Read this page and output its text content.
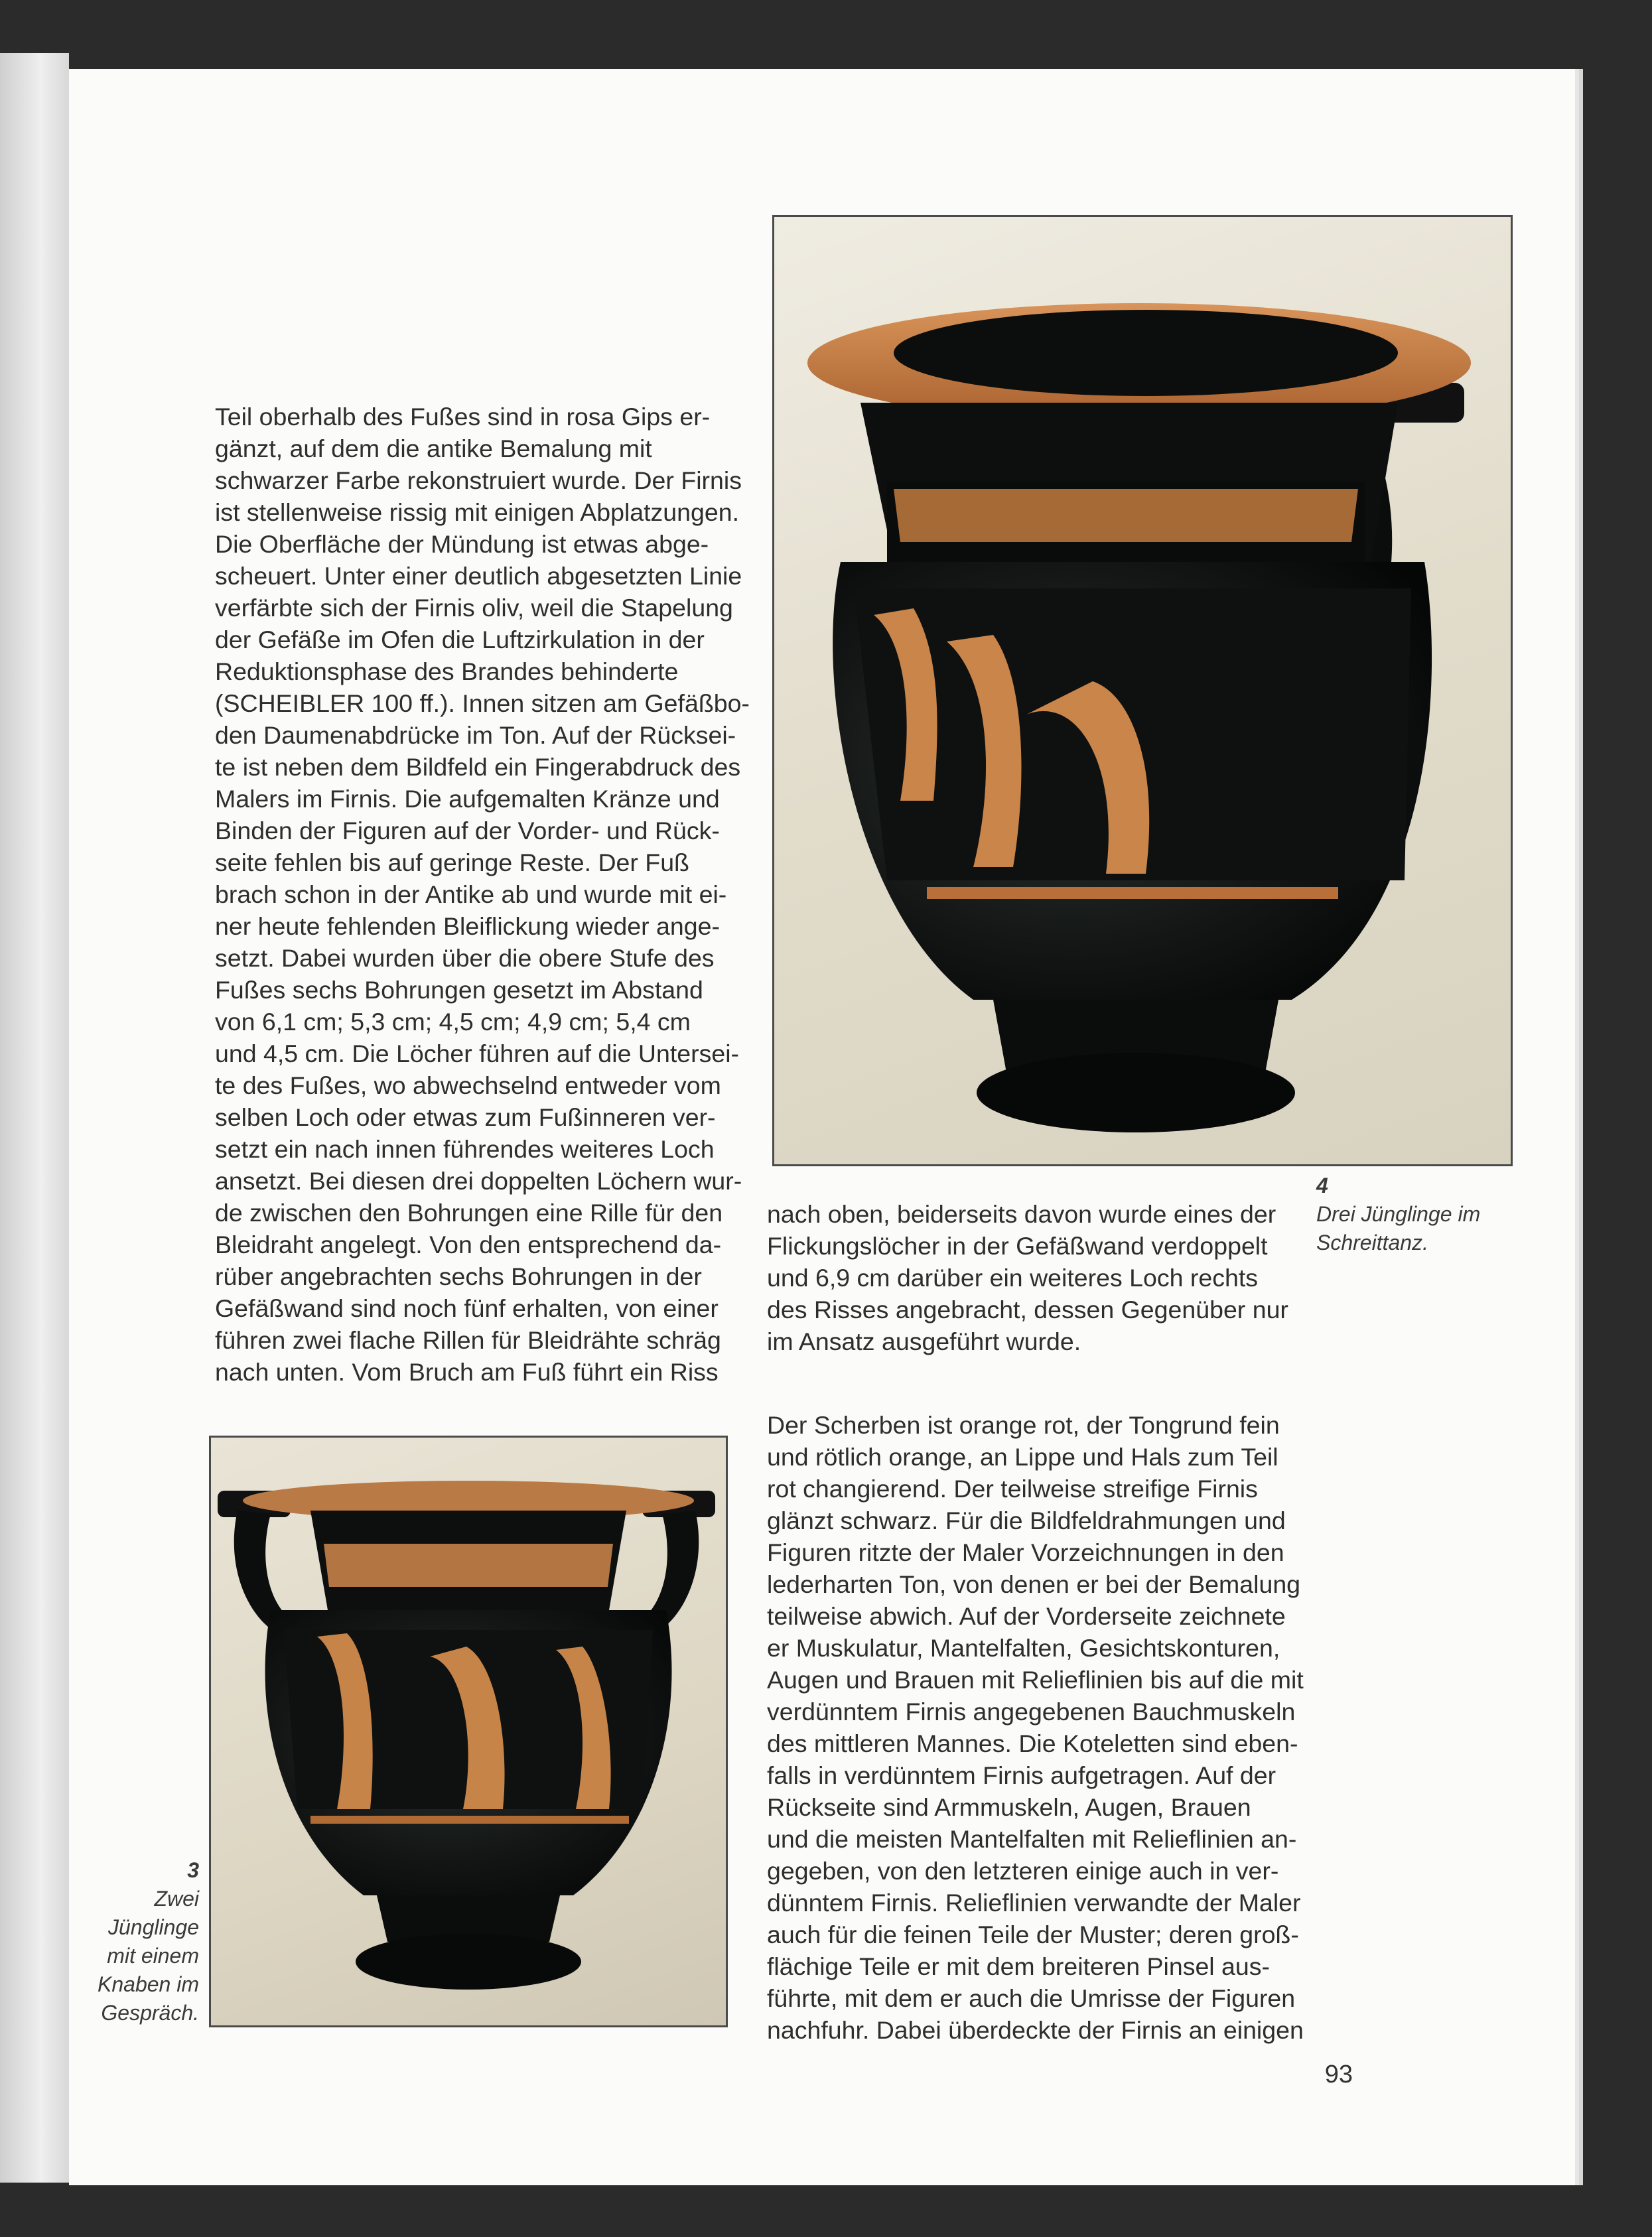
Teil oberhalb des Fußes sind in rosa Gips er-

gänzt, auf dem die antike Bemalung mit

schwarzer Farbe rekonstruiert wurde. Der Firnis

ist stellenweise rissig mit einigen Abplatzungen.

Die Oberfläche der Mündung ist etwas abge-

scheuert. Unter einer deutlich abgesetzten Linie

verfärbte sich der Firnis oliv, weil die Stapelung

der Gefäße im Ofen die Luftzirkulation in der

Reduktionsphase des Brandes behinderte

(SCHEIBLER 100 ff.). Innen sitzen am Gefäßbo-

den Daumenabdrücke im Ton. Auf der Rücksei-

te ist neben dem Bildfeld ein Fingerabdruck des

Malers im Firnis. Die aufgemalten Kränze und

Binden der Figuren auf der Vorder- und Rück-

seite fehlen bis auf geringe Reste. Der Fuß

brach schon in der Antike ab und wurde mit ei-

ner heute fehlenden Bleiflickung wieder ange-

setzt. Dabei wurden über die obere Stufe des

Fußes sechs Bohrungen gesetzt im Abstand

von 6,1 cm; 5,3 cm; 4,5 cm; 4,9 cm; 5,4 cm

und 4,5 cm. Die Löcher führen auf die Untersei-

te des Fußes, wo abwechselnd entweder vom

selben Loch oder etwas zum Fußinneren ver-

setzt ein nach innen führendes weiteres Loch

ansetzt. Bei diesen drei doppelten Löchern wur-

de zwischen den Bohrungen eine Rille für den

Bleidraht angelegt. Von den entsprechend da-

rüber angebrachten sechs Bohrungen in der

Gefäßwand sind noch fünf erhalten, von einer

führen zwei flache Rillen für Bleidrähte schräg

nach unten. Vom Bruch am Fuß führt ein Riss

4
Drei Jünglinge im
Schreittanz.

nach oben, beiderseits davon wurde eines der

Flickungslöcher in der Gefäßwand verdoppelt

und 6,9 cm darüber ein weiteres Loch rechts

des Risses angebracht, dessen Gegenüber nur

im Ansatz ausgeführt wurde.

Der Scherben ist orange rot, der Tongrund fein

und rötlich orange, an Lippe und Hals zum Teil

rot changierend. Der teilweise streifige Firnis

glänzt schwarz. Für die Bildfeldrahmungen und

Figuren ritzte der Maler Vorzeichnungen in den

lederharten Ton, von denen er bei der Bemalung

teilweise abwich. Auf der Vorderseite zeichnete

er Muskulatur, Mantelfalten, Gesichtskonturen,

Augen und Brauen mit Relieflinien bis auf die mit

verdünntem Firnis angegebenen Bauchmuskeln

des mittleren Mannes. Die Koteletten sind eben-

falls in verdünntem Firnis aufgetragen. Auf der

Rückseite sind Armmuskeln, Augen, Brauen

und die meisten Mantelfalten mit Relieflinien an-

gegeben, von den letzteren einige auch in ver-

dünntem Firnis. Relieflinien verwandte der Maler

auch für die feinen Teile der Muster; deren groß-

flächige Teile er mit dem breiteren Pinsel aus-

führte, mit dem er auch die Umrisse der Figuren

nachfuhr. Dabei überdeckte der Firnis an einigen

3
Zwei
Jünglinge
mit einem
Knaben im
Gespräch.
93
